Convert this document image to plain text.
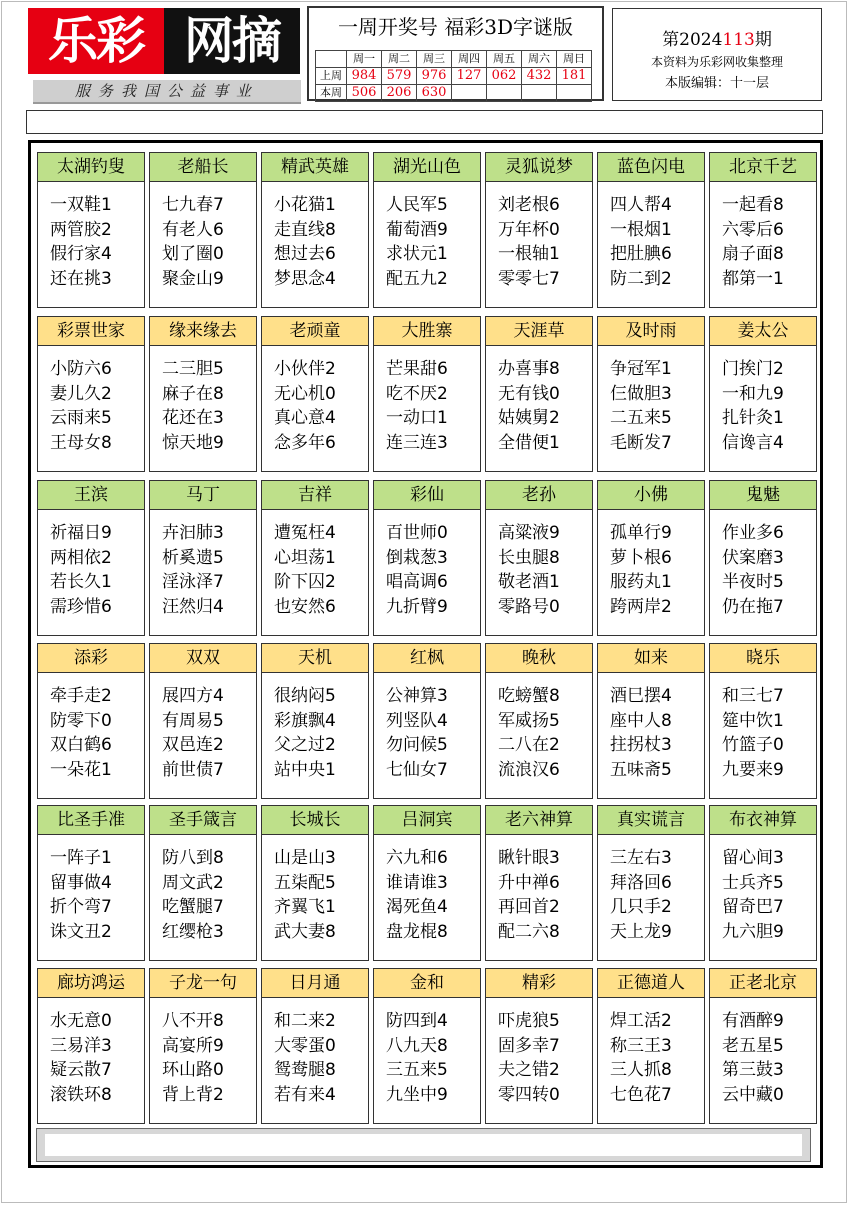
乐彩 网摘
服务我国公益事业
一周开奖号 福彩3D字谜版
	周一	周二	周三	周四	周五	周六	周日
上周	984	579	976	127	062	432	181
本周	506	206	630				
第2024113期
本资料为乐彩网收集整理
本版编辑：十一层
太湖钓叟
一双鞋1
两管胶2
假行家4
还在挑3
老船长
七九春7
有老人6
划了圈0
聚金山9
精武英雄
小花猫1
走直线8
想过去6
梦思念4
湖光山色
人民军5
葡萄酒9
求状元1
配五九2
灵狐说梦
刘老根6
万年杯0
一根轴1
零零七7
蓝色闪电
四人帮4
一根烟1
把肚腆6
防二到2
北京千艺
一起看8
六零后6
扇子面8
都第一1
彩票世家
小防六6
妻儿久2
云雨来5
王母女8
缘来缘去
二三胆5
麻子在8
花还在3
惊天地9
老顽童
小伙伴2
无心机0
真心意4
念多年6
大胜寨
芒果甜6
吃不厌2
一动口1
连三连3
天涯草
办喜事8
无有钱0
姑姨舅2
全借便1
及时雨
争冠军1
仨做胆3
二五来5
毛断发7
姜太公
门挨门2
一和九9
扎针灸1
信谗言4
王滨
祈福日9
两相依2
若长久1
需珍惜6
马丁
卉汩肺3
析奚遗5
淫泳泽7
汪然归4
吉祥
遭冤枉4
心坦荡1
阶下囚2
也安然6
彩仙
百世师0
倒栽葱3
唱高调6
九折臂9
老孙
高粱液9
长虫腿8
敬老酒1
零路号0
小佛
孤单行9
萝卜根6
服药丸1
跨两岸2
鬼魅
作业多6
伏案磨3
半夜时5
仍在拖7
添彩
牵手走2
防零下0
双白鹤6
一朵花1
双双
展四方4
有周易5
双邑连2
前世债7
天机
很纳闷5
彩旗飘4
父之过2
站中央1
红枫
公神算3
列竖队4
勿问候5
七仙女7
晚秋
吃螃蟹8
军威扬5
二八在2
流浪汉6
如来
酒巳摆4
座中人8
拄拐杖3
五味斋5
晓乐
和三七7
筵中饮1
竹篮子0
九要来9
比圣手准
一阵子1
留事做4
折个弯7
诛文丑2
圣手箴言
防八到8
周文武2
吃蟹腿7
红缨枪3
长城长
山是山3
五柒配5
齐翼飞1
武大妻8
吕洞宾
六九和6
谁请谁3
渴死鱼4
盘龙棍8
老六神算
瞅针眼3
升中禅6
再回首2
配二六8
真实谎言
三左右3
拜洛回6
几只手2
天上龙9
布衣神算
留心间3
士兵齐5
留奇巴7
九六胆9
廊坊鸿运
水无意0
三易洋3
疑云散7
滚铁环8
子龙一句
八不开8
高宴所9
环山路0
背上背2
日月通
和二来2
大零蛋0
鸳鸯腿8
若有来4
金和
防四到4
八九天8
三五来5
九坐中9
精彩
吓虎狼5
固多幸7
夫之错2
零四转0
正德道人
焊工活2
称三王3
三人抓8
七色花7
正老北京
有酒醉9
老五星5
第三鼓3
云中藏0
